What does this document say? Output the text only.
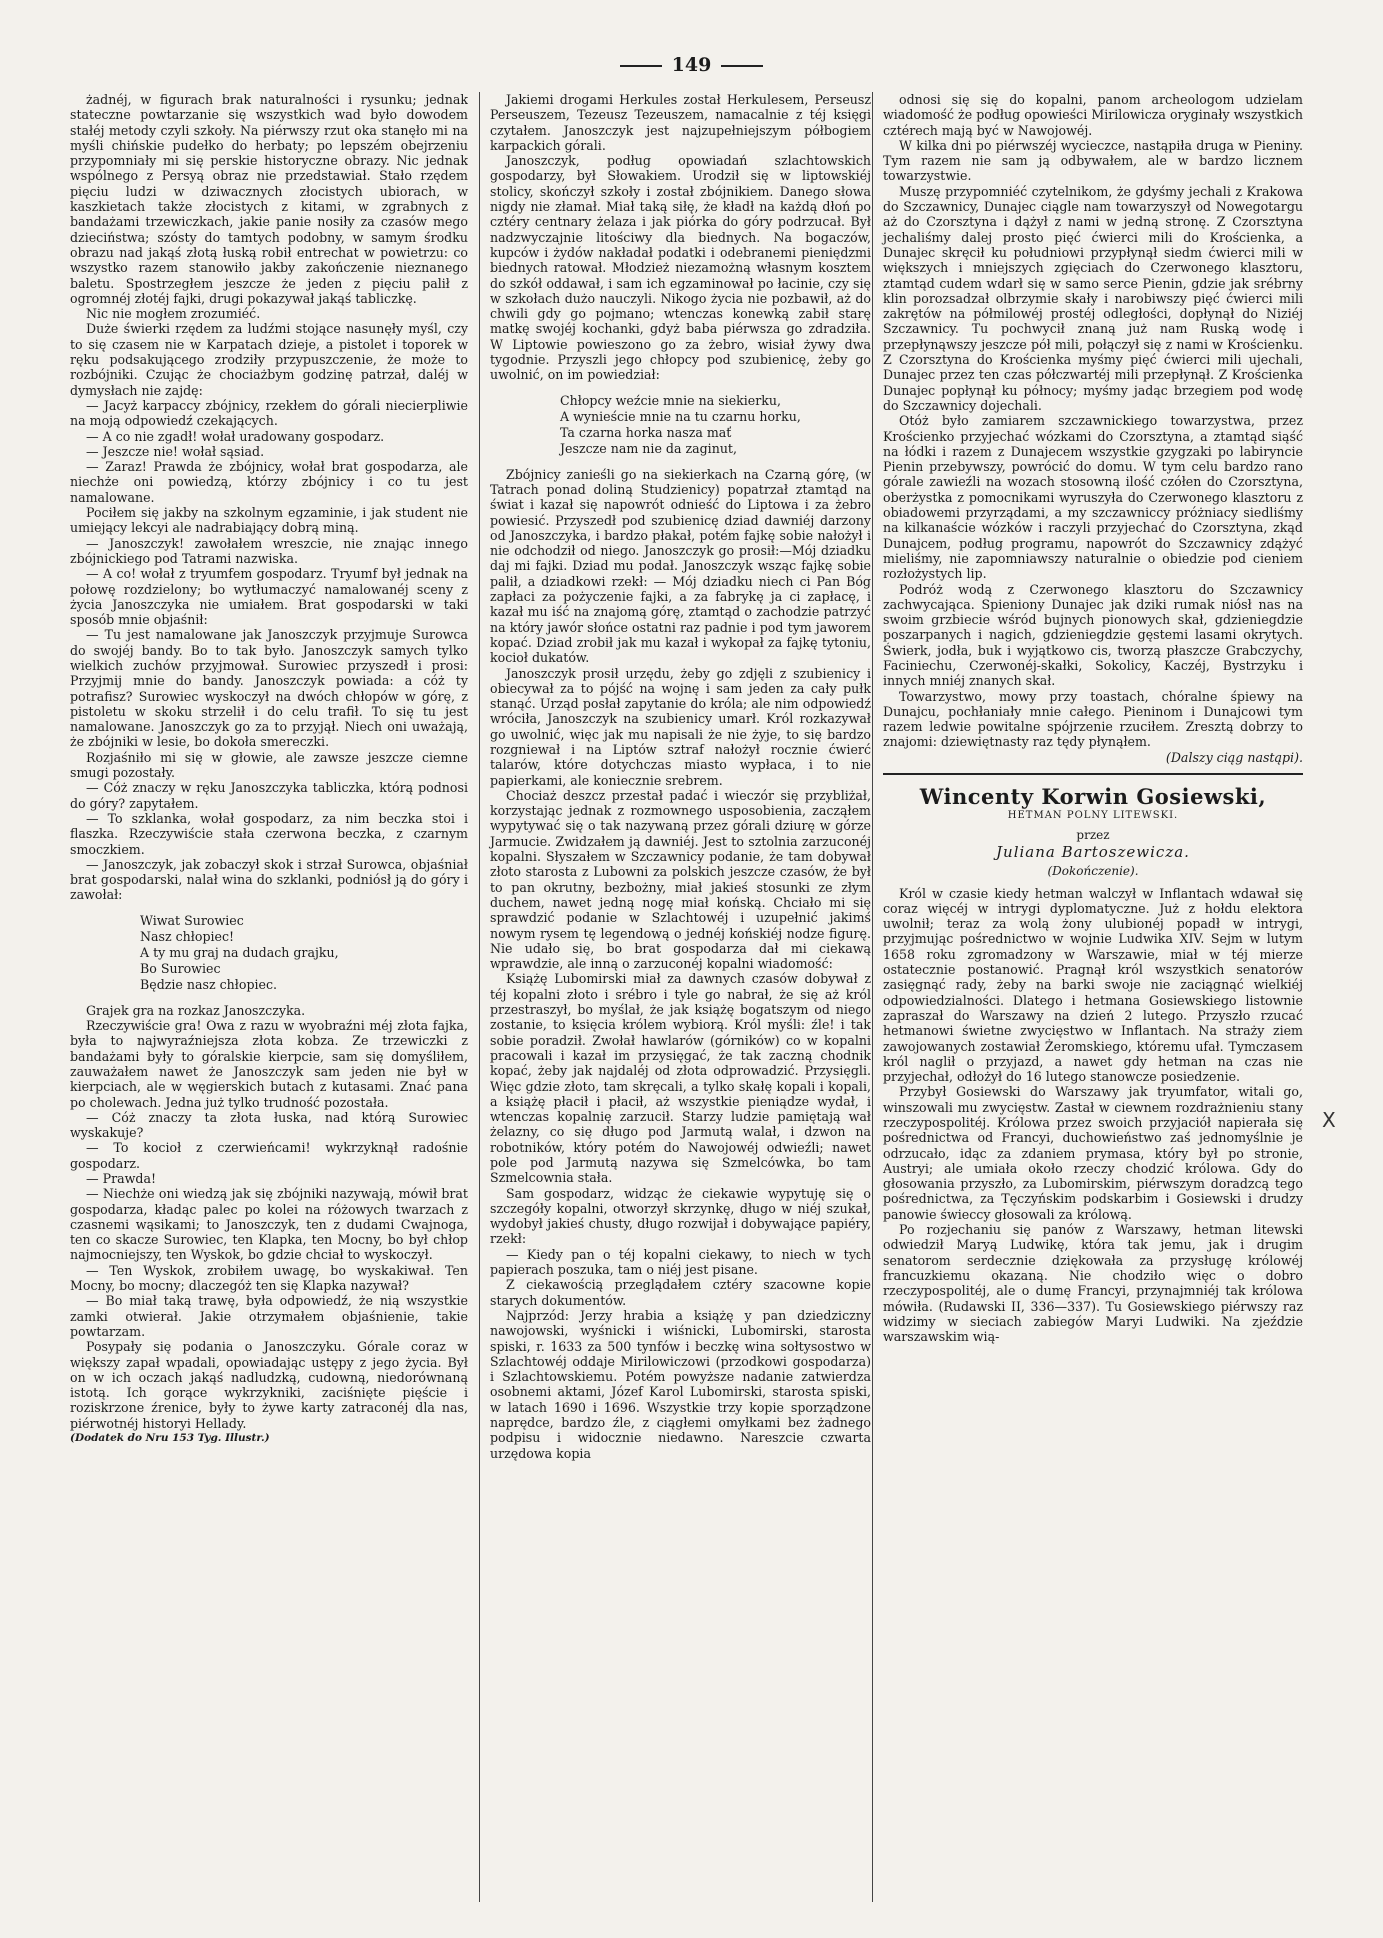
149

żadnéj, w figurach brak naturalności i rysunku; jednak stateczne powtarzanie się wszystkich wad było dowodem stałéj metody czyli szkoły. Na piérwszy rzut oka stanęło mi na myśli chińskie pudełko do herbaty; po lepszém obejrzeniu przypomniały mi się perskie historyczne obrazy. Nic jednak wspólnego z Persyą obraz nie przedstawiał. Stało rzędem pięciu ludzi w dziwacznych złocistych ubiorach, w kaszkietach także złocistych z kitami, w zgrabnych z bandażami trzewiczkach, jakie panie nosiły za czasów mego dzieciństwa; szósty do tamtych podobny, w samym środku obrazu nad jakąś złotą łuską robił entrechat w powietrzu: co wszystko razem stanowiło jakby zakończenie nieznanego baletu. Spostrzegłem jeszcze że jeden z pięciu palił z ogromnéj złotéj fajki, drugi pokazywał jakąś tabliczkę.

Nic nie mogłem zrozumiéć.

Duże świerki rzędem za ludźmi stojące nasunęły myśl, czy to się czasem nie w Karpatach dzieje, a pistolet i toporek w ręku podsakującego zrodziły przypuszczenie, że może to rozbójniki. Czując że chociażbym godzinę patrzał, daléj w dymysłach nie zajdę:

— Jacyż karpaccy zbójnicy, rzekłem do górali niecierpliwie na moją odpowiedź czekających.

— A co nie zgadł! wołał uradowany gospodarz.

— Jeszcze nie! wołał sąsiad.

— Zaraz! Prawda że zbójnicy, wołał brat gospodarza, ale niechże oni powiedzą, którzy zbójnicy i co tu jest namalowane.

Pociłem się jakby na szkolnym egzaminie, i jak student nie umiejący lekcyi ale nadrabiający dobrą miną.

— Janoszczyk! zawołałem wreszcie, nie znając innego zbójnickiego pod Tatrami nazwiska.

— A co! wołał z tryumfem gospodarz. Tryumf był jednak na połowę rozdzielony; bo wytłumaczyć namalowanéj sceny z życia Janoszczyka nie umiałem. Brat gospodarski w taki sposób mnie objaśnił:

— Tu jest namalowane jak Janoszczyk przyjmuje Surowca do swojéj bandy. Bo to tak było. Janoszczyk samych tylko wielkich zuchów przyjmował. Surowiec przyszedł i prosi: Przyjmij mnie do bandy. Janoszczyk powiada: a cóż ty potrafisz? Surowiec wyskoczył na dwóch chłopów w górę, z pistoletu w skoku strzelił i do celu trafił. To się tu jest namalowane. Janoszczyk go za to przyjął. Niech oni uważają, że zbójniki w lesie, bo dokoła smereczki.

Rozjaśniło mi się w głowie, ale zawsze jeszcze ciemne smugi pozostały.

— Cóż znaczy w ręku Janoszczyka tabliczka, którą podnosi do góry? zapytałem.

— To szklanka, wołał gospodarz, za nim beczka stoi i flaszka. Rzeczywiście stała czerwona beczka, z czarnym smoczkiem.

— Janoszczyk, jak zobaczył skok i strzał Surowca, objaśniał brat gospodarski, nalał wina do szklanki, podniósł ją do góry i zawołał:

Wiwat Surowiec
Nasz chłopiec!
A ty mu graj na dudach grajku,
Bo Surowiec
Będzie nasz chłopiec.

Grajek gra na rozkaz Janoszczyka.

Rzeczywiście gra! Owa z razu w wyobraźni méj złota fajka, była to najwyraźniejsza złota kobza. Ze trzewiczki z bandażami były to góralskie kierpcie, sam się domyśliłem, zauważałem nawet że Janoszczyk sam jeden nie był w kierpciach, ale w węgierskich butach z kutasami. Znać pana po cholewach. Jedna już tylko trudność pozostała.

— Cóż znaczy ta złota łuska, nad którą Surowiec wyskakuje?

— To kocioł z czerwieńcami! wykrzyknął radośnie gospodarz.

— Prawda!

— Niechże oni wiedzą jak się zbójniki nazywają, mówił brat gospodarza, kładąc palec po kolei na różowych twarzach z czasnemi wąsikami; to Janoszczyk, ten z dudami Cwajnoga, ten co skacze Surowiec, ten Klapka, ten Mocny, bo był chłop najmocniejszy, ten Wyskok, bo gdzie chciał to wyskoczył.

— Ten Wyskok, zrobiłem uwagę, bo wyskakiwał. Ten Mocny, bo mocny; dlaczegóż ten się Klapka nazywał?

— Bo miał taką trawę, była odpowiedź, że nią wszystkie zamki otwierał. Jakie otrzymałem objaśnienie, takie powtarzam.

Posypały się podania o Janoszczyku. Górale coraz w większy zapał wpadali, opowiadając ustępy z jego życia. Był on w ich oczach jakąś nadludzką, cudowną, niedorównaną istotą. Ich gorące wykrzykniki, zaciśnięte pięście i roziskrzone źrenice, były to żywe karty zatraconéj dla nas, piérwotnéj historyi Hellady.

(Dodatek do Nru 153 Tyg. Illustr.)

Jakiemi drogami Herkules został Herkulesem, Perseusz Perseuszem, Tezeusz Tezeuszem, namacalnie z téj księgi czytałem. Janoszczyk jest najzupełniejszym półbogiem karpackich górali.

Janoszczyk, podług opowiadań szlachtowskich gospodarzy, był Słowakiem. Urodził się w liptowskiéj stolicy, skończył szkoły i został zbójnikiem. Danego słowa nigdy nie złamał. Miał taką siłę, że kładł na każdą dłoń po cztéry centnary żelaza i jak piórka do góry podrzucał. Był nadzwyczajnie litościwy dla biednych. Na bogaczów, kupców i żydów nakładał podatki i odebranemi pieniędzmi biednych ratował. Młodzież niezamożną własnym kosztem do szkół oddawał, i sam ich egzaminował po łacinie, czy się w szkołach dużo nauczyli. Nikogo życia nie pozbawił, aż do chwili gdy go pojmano; wtenczas konewką zabił starę matkę swojéj kochanki, gdyż baba piérwsza go zdradziła. W Liptowie powieszono go za żebro, wisiał żywy dwa tygodnie. Przyszli jego chłopcy pod szubienicę, żeby go uwolnić, on im powiedział:

Chłopcy weźcie mnie na siekierku,
A wynieście mnie na tu czarnu horku,
Ta czarna horka nasza mať
Jeszcze nam nie da zaginut,

Zbójnicy zanieśli go na siekierkach na Czarną górę, (w Tatrach ponad doliną Studzienicy) popatrzał ztamtąd na świat i kazał się napowrót odnieść do Liptowa i za żebro powiesić. Przyszedł pod szubienicę dziad dawniéj darzony od Janoszczyka, i bardzo płakał, potém fajkę sobie nałożył i nie odchodził od niego. Janoszczyk go prosił:—Mój dziadku daj mi fajki. Dziad mu podał. Janoszczyk wsząc fajkę sobie palił, a dziadkowi rzekł: — Mój dziadku niech ci Pan Bóg zapłaci za pożyczenie fajki, a za fabrykę ja ci zapłacę, i kazał mu iść na znajomą górę, ztamtąd o zachodzie patrzyć na który jawór słońce ostatni raz padnie i pod tym jaworem kopać. Dziad zrobił jak mu kazał i wykopał za fajkę tytoniu, kocioł dukatów.

Janoszczyk prosił urzędu, żeby go zdjęli z szubienicy i obiecywał za to pójść na wojnę i sam jeden za cały pułk stanąć. Urząd posłał zapytanie do króla; ale nim odpowiedź wróciła, Janoszczyk na szubienicy umarł. Król rozkazywał go uwolnić, więc jak mu napisali że nie żyje, to się bardzo rozgniewał i na Liptów sztraf nałożył rocznie ćwierć talarów, które dotychczas miasto wypłaca, i to nie papierkami, ale koniecznie srebrem.

Chociaż deszcz przestał padać i wieczór się przybliżał, korzystając jednak z rozmownego usposobienia, zacząłem wypytywać się o tak nazywaną przez górali dziurę w górze Jarmucie. Zwidzałem ją dawniéj. Jest to sztolnia zarzuconéj kopalni. Słyszałem w Szczawnicy podanie, że tam dobywał złoto starosta z Lubowni za polskich jeszcze czasów, że był to pan okrutny, bezbożny, miał jakieś stosunki ze złym duchem, nawet jedną nogę miał końską. Chciało mi się sprawdzić podanie w Szlachtowéj i uzupełnić jakimś nowym rysem tę legendową o jednéj końskiéj nodze figurę. Nie udało się, bo brat gospodarza dał mi ciekawą wprawdzie, ale inną o zarzuconéj kopalni wiadomość:

Książę Lubomirski miał za dawnych czasów dobywał z téj kopalni złoto i srébro i tyle go nabrał, że się aż król przestraszył, bo myślał, że jak książę bogatszym od niego zostanie, to księcia królem wybiorą. Król myśli: źle! i tak sobie poradził. Zwołał hawlarów (górników) co w kopalni pracowali i kazał im przysięgać, że tak zaczną chodnik kopać, żeby jak najdaléj od złota odprowadzić. Przysięgli. Więc gdzie złoto, tam skręcali, a tylko skałę kopali i kopali, a książę płacił i płacił, aż wszystkie pieniądze wydał, i wtenczas kopalnię zarzucił. Starzy ludzie pamiętają wał żelazny, co się długo pod Jarmutą walał, i dzwon na robotników, który potém do Nawojowéj odwieźli; nawet pole pod Jarmutą nazywa się Szmelcówka, bo tam Szmelcownia stała.

Sam gospodarz, widząc że ciekawie wypytuję się o szczegóły kopalni, otworzył skrzynkę, długo w niéj szukał, wydobył jakieś chusty, długo rozwijał i dobywające papiéry, rzekł:

— Kiedy pan o téj kopalni ciekawy, to niech w tych papierach poszuka, tam o niéj jest pisane.

Z ciekawością przeglądałem cztéry szacowne kopie starych dokumentów.

Najprzód: Jerzy hrabia a książę y pan dziedziczny nawojowski, wyśnicki i wiśnicki, Lubomirski, starosta spiski, r. 1633 za 500 tynfów i beczkę wina sołtysostwo w Szlachtowéj oddaje Mirilowiczowi (przodkowi gospodarza) i Szlachtowskiemu. Potém powyższe nadanie zatwierdza osobnemi aktami, Józef Karol Lubomirski, starosta spiski, w latach 1690 i 1696. Wszystkie trzy kopie sporządzone naprędce, bardzo źle, z ciągłemi omyłkami bez żadnego podpisu i widocznie niedawno. Nareszcie czwarta urzędowa kopia

odnosi się się do kopalni, panom archeologom udzielam wiadomość że podług opowieści Mirilowicza oryginały wszystkich cztérech mają być w Nawojowéj.

W kilka dni po piérwszéj wycieczce, nastąpiła druga w Pieniny. Tym razem nie sam ją odbywałem, ale w bardzo licznem towarzystwie.

Muszę przypomniéć czytelnikom, że gdyśmy jechali z Krakowa do Szczawnicy, Dunajec ciągle nam towarzyszył od Nowegotargu aż do Czorsztyna i dążył z nami w jedną stronę. Z Czorsztyna jechaliśmy dalej prosto pięć ćwierci mili do Krościenka, a Dunajec skręcił ku południowi przypłynął siedm ćwierci mili w większych i mniejszych zgięciach do Czerwonego klasztoru, ztamtąd cudem wdarł się w samo serce Pienin, gdzie jak srébrny klin porozsadzał olbrzymie skały i narobiwszy pięć ćwierci mili zakrętów na półmilowéj prostéj odległości, dopłynął do Niziéj Szczawnicy. Tu pochwycił znaną już nam Ruską wodę i przepłynąwszy jeszcze pół mili, połączył się z nami w Krościenku. Z Czorsztyna do Krościenka myśmy pięć ćwierci mili ujechali, Dunajec przez ten czas półczwartéj mili przepłynął. Z Krościenka Dunajec popłynął ku północy; myśmy jadąc brzegiem pod wodę do Szczawnicy dojechali.

Otóż było zamiarem szczawnickiego towarzystwa, przez Krościenko przyjechać wózkami do Czorsztyna, a ztamtąd siąść na łódki i razem z Dunajecem wszystkie gzygzaki po labiryncie Pienin przebywszy, powrócić do domu. W tym celu bardzo rano górale zawieźli na wozach stosowną ilość czółen do Czorsztyna, oberżystka z pomocnikami wyruszyła do Czerwonego klasztoru z obiadowemi przyrządami, a my szczawniccy próżniacy siedliśmy na kilkanaście wózków i raczyli przyjechać do Czorsztyna, zkąd Dunajcem, podług programu, napowrót do Szczawnicy zdążyć mieliśmy, nie zapomniawszy naturalnie o obiedzie pod cieniem rozłożystych lip.

Podróż wodą z Czerwonego klasztoru do Szczawnicy zachwycająca. Spieniony Dunajec jak dziki rumak niósł nas na swoim grzbiecie wśród bujnych pionowych skał, gdzieniegdzie poszarpanych i nagich, gdzieniegdzie gęstemi lasami okrytych. Świerk, jodła, buk i wyjątkowo cis, tworzą płaszcze Grabczychy, Faciniechu, Czerwonéj-skałki, Sokolicy, Kaczéj, Bystrzyku i innych mniéj znanych skał.

Towarzystwo, mowy przy toastach, chóralne śpiewy na Dunajcu, pochłaniały mnie całego. Pieninom i Dunajcowi tym razem ledwie powitalne spójrzenie rzuciłem. Zresztą dobrzy to znajomi: dziewiętnasty raz tędy płynąłem.

(Dalszy ciąg nastąpi).

Wincenty Korwin Gosiewski,
HETMAN POLNY LITEWSKI.
przez
Juliana Bartoszewicza.
(Dokończenie).

Król w czasie kiedy hetman walczył w Inflantach wdawał się coraz więcéj w intrygi dyplomatyczne. Już z hołdu elektora uwolnił; teraz za wolą żony ulubionéj popadł w intrygi, przyjmując pośrednictwo w wojnie Ludwika XIV. Sejm w lutym 1658 roku zgromadzony w Warszawie, miał w téj mierze ostatecznie postanowić. Pragnął król wszystkich senatorów zasięgnąć rady, żeby na barki swoje nie zaciągnąć wielkiéj odpowiedzialności. Dlatego i hetmana Gosiewskiego listownie zapraszał do Warszawy na dzień 2 lutego. Przyszło rzucać hetmanowi świetne zwycięstwo w Inflantach. Na straży ziem zawojowanych zostawiał Żeromskiego, któremu ufał. Tymczasem król naglił o przyjazd, a nawet gdy hetman na czas nie przyjechał, odłożył do 16 lutego stanowcze posiedzenie.

Przybył Gosiewski do Warszawy jak tryumfator, witali go, winszowali mu zwycięstw. Zastał w ciewnem rozdrażnieniu stany rzeczypospolitéj. Królowa przez swoich przyjaciół napierała się pośrednictwa od Francyi, duchowieństwo zaś jednomyślnie je odrzucało, idąc za zdaniem prymasa, który był po stronie, Austryi; ale umiała około rzeczy chodzić królowa. Gdy do głosowania przyszło, za Lubomirskim, piérwszym doradzcą tego pośrednictwa, za Tęczyńskim podskarbim i Gosiewski i drudzy panowie świeccy głosowali za królową.

Po rozjechaniu się panów z Warszawy, hetman litewski odwiedził Maryą Ludwikę, która tak jemu, jak i drugim senatorom serdecznie dziękowała za przysługę królowéj francuzkiemu okazaną. Nie chodziło więc o dobro rzeczypospolitéj, ale o dumę Francyi, przynajmniéj tak królowa mówiła. (Rudawski II, 336—337). Tu Gosiewskiego piérwszy raz widzimy w sieciach zabiegów Maryi Ludwiki. Na zjeździe warszawskim wią-

X
